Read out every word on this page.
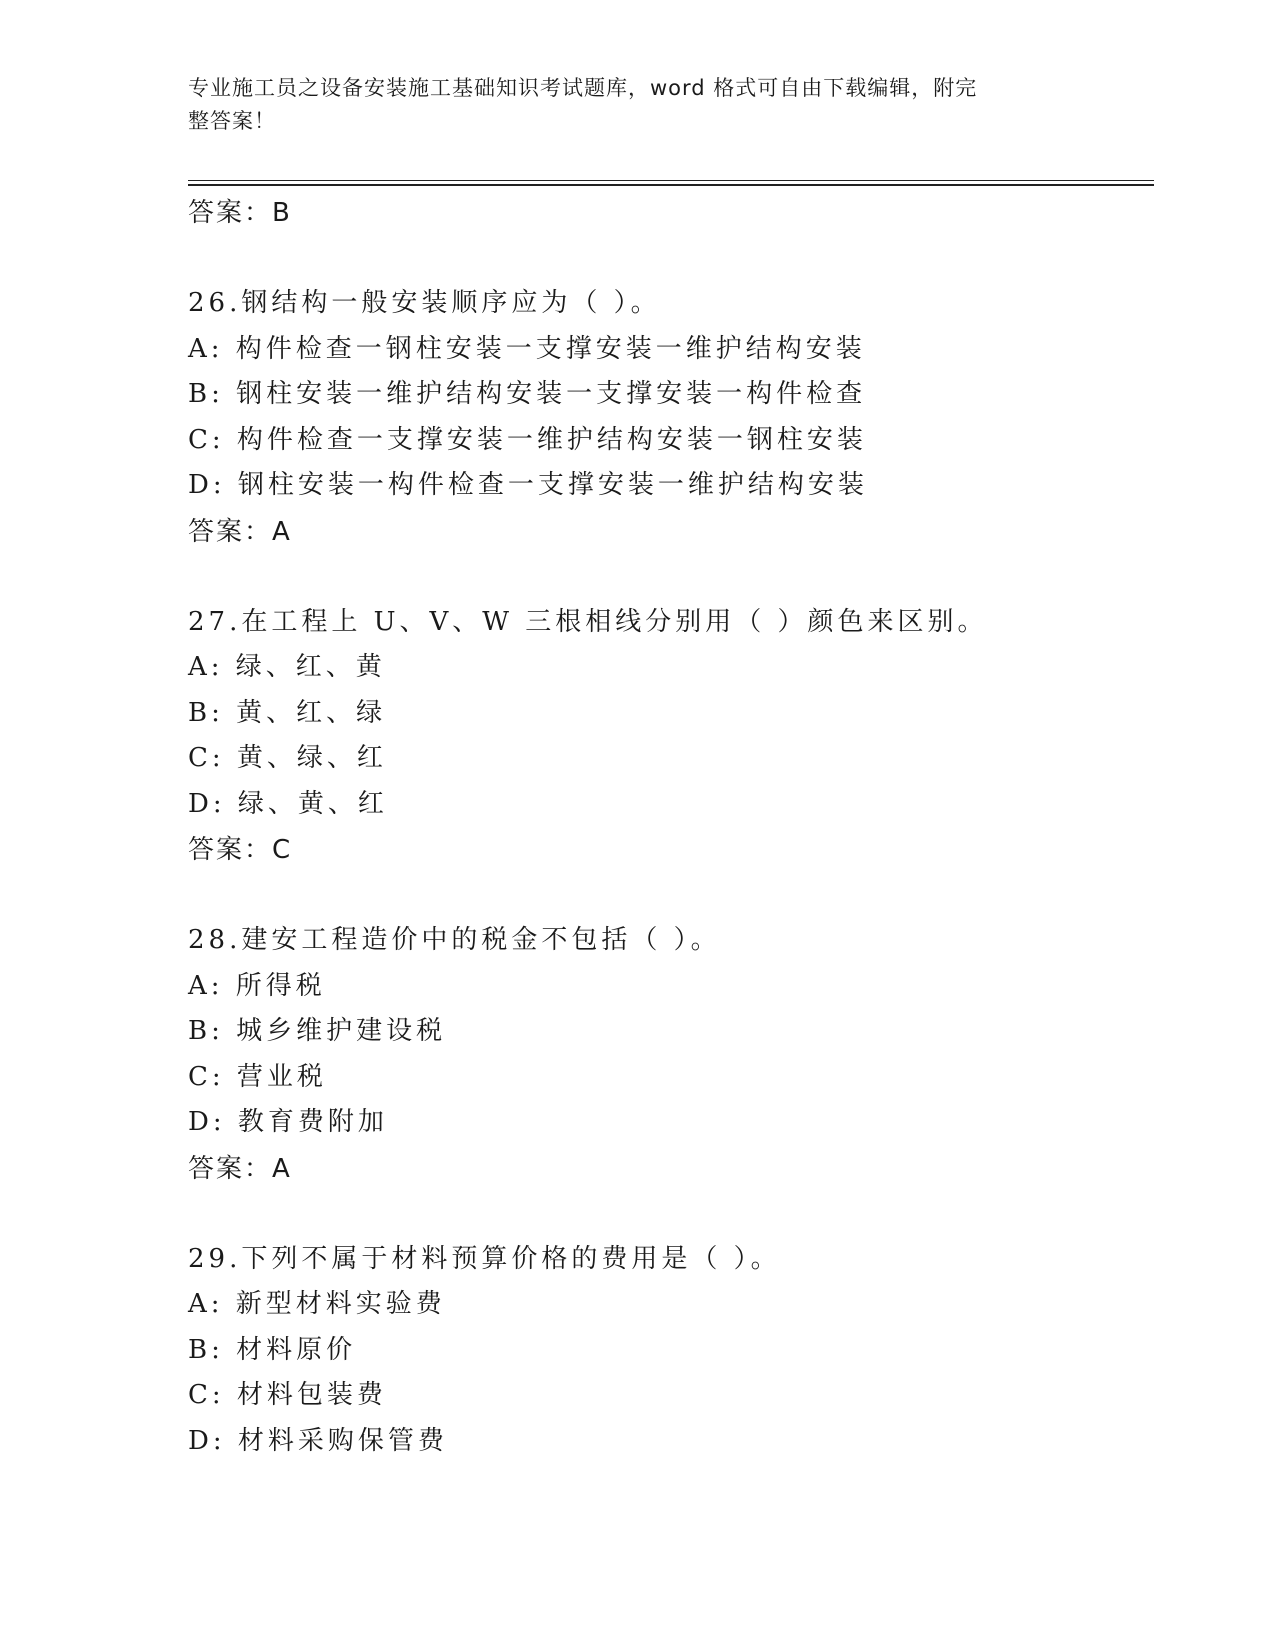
专业施工员之设备安装施工基础知识考试题库，word 格式可自由下载编辑，附完
整答案！
答案：B
26.钢结构一般安装顺序应为（ ）。
A: 构件检查一钢柱安装一支撑安装一维护结构安装
B: 钢柱安装一维护结构安装一支撑安装一构件检查
C: 构件检查一支撑安装一维护结构安装一钢柱安装
D: 钢柱安装一构件检查一支撑安装一维护结构安装
答案：A
27.在工程上 U、V、W 三根相线分别用（ ）颜色来区别。
A: 绿、红、黄
B: 黄、红、绿
C: 黄、绿、红
D: 绿、黄、红
答案：C
28.建安工程造价中的税金不包括（ ）。
A: 所得税
B: 城乡维护建设税
C: 营业税
D: 教育费附加
答案：A
29.下列不属于材料预算价格的费用是（ ）。
A: 新型材料实验费
B: 材料原价
C: 材料包装费
D: 材料采购保管费
